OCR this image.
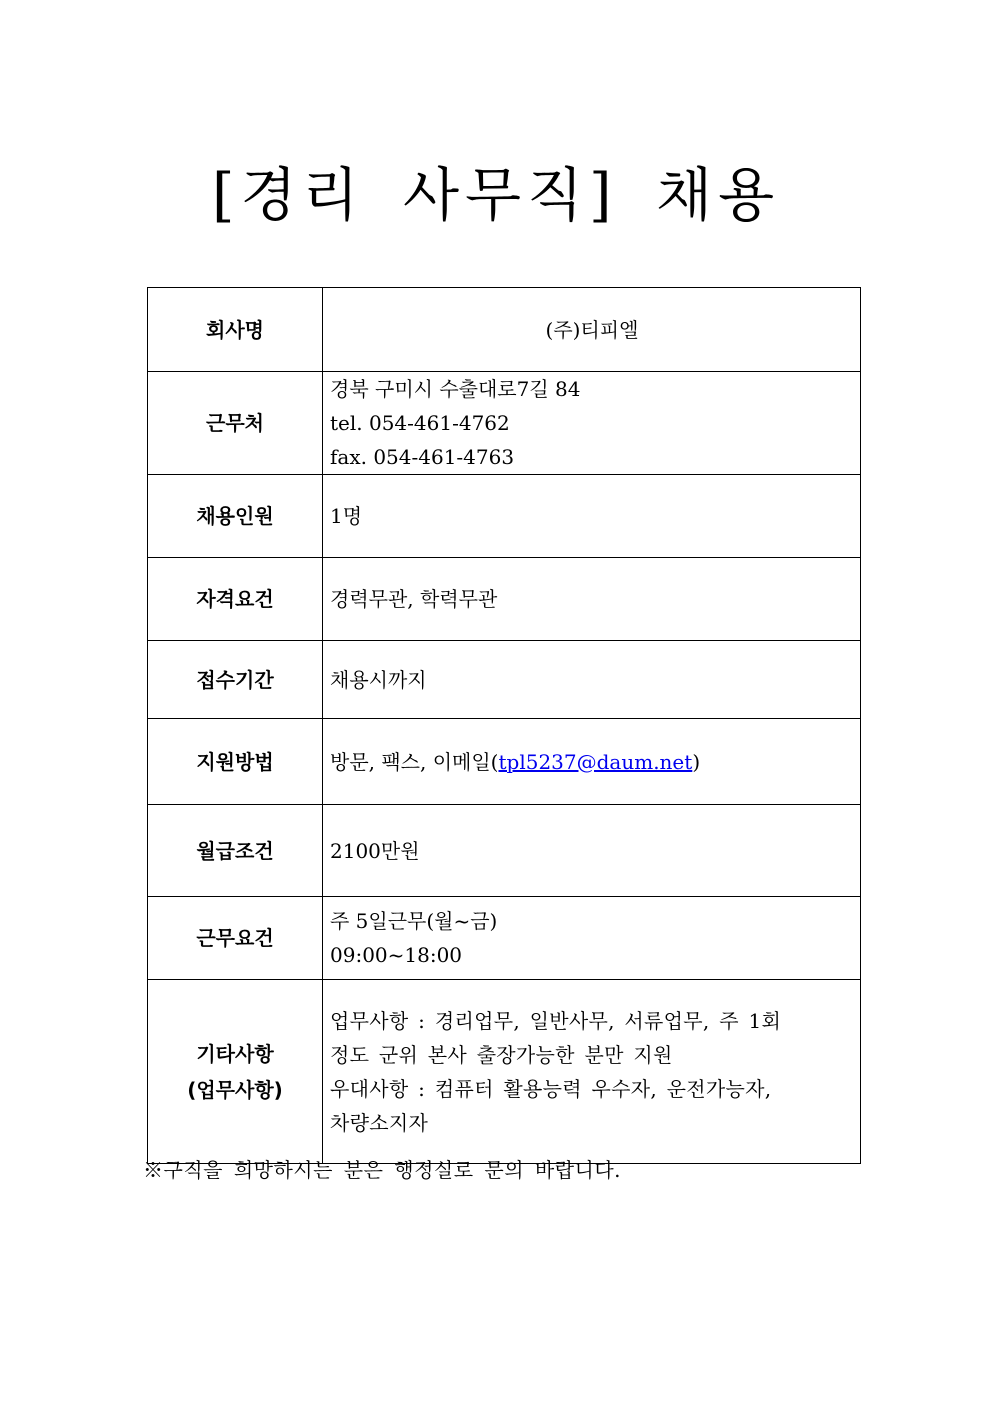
[경리 사무직] 채용
회사명	(주)티피엘
근무처	경북 구미시 수출대로7길 84
tel. 054-461-4762
fax. 054-461-4763

채용인원	1명
자격요건	경력무관, 학력무관
접수기간	채용시까지
지원방법	방문, 팩스, 이메일(tpl5237@daum.net)
월급조건	2100만원
근무요건	주 5일근무(월~금)
09:00~18:00

기타사항
(업무사항)	업무사항 : 경리업무, 일반사무, 서류업무, 주 1회
정도 군위 본사 출장가능한 분만 지원
우대사항 : 컴퓨터 활용능력 우수자, 운전가능자,
차량소지자
※구직을 희망하시는 분은 행정실로 문의 바랍니다.
